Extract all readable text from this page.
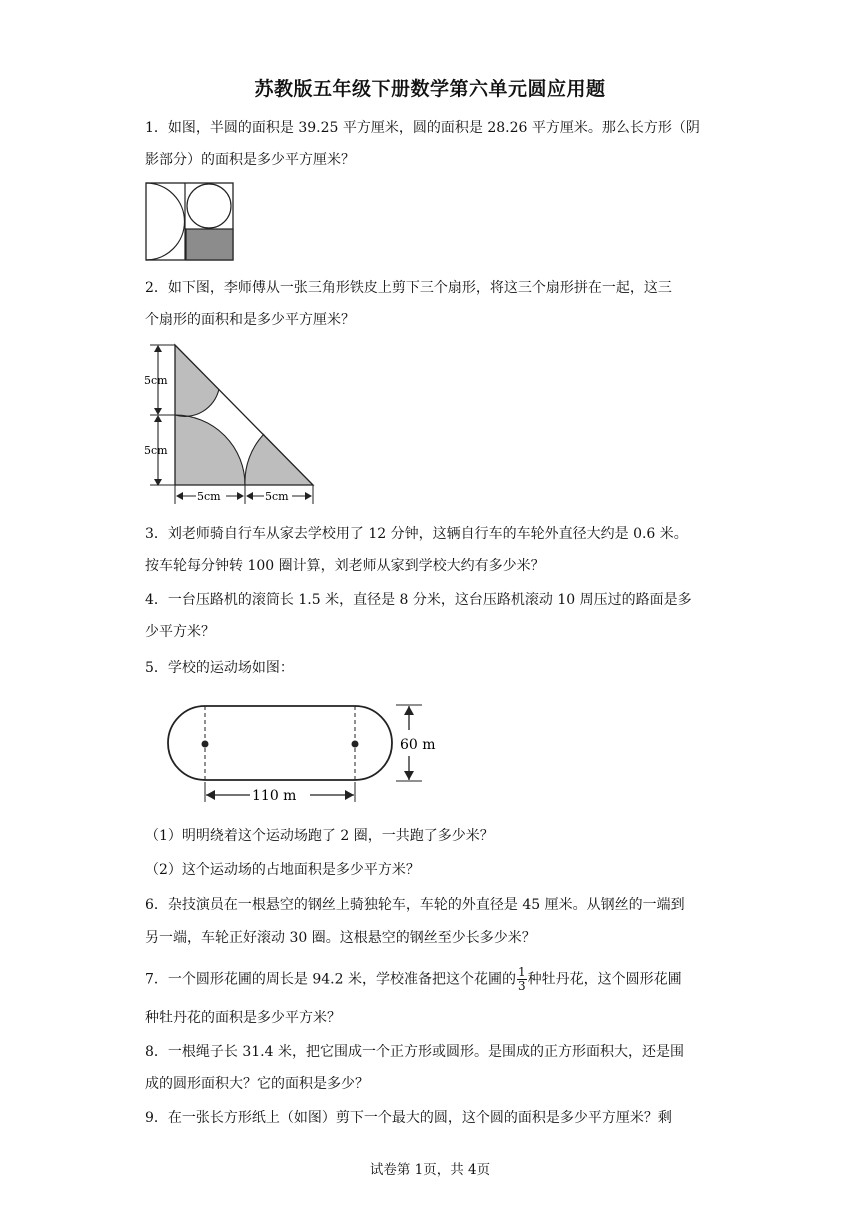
苏教版五年级下册数学第六单元圆应用题
1．如图，半圆的面积是 39.25 平方厘米，圆的面积是 28.26 平方厘米。那么长方形（阴
影部分）的面积是多少平方厘米？
2．如下图，李师傅从一张三角形铁皮上剪下三个扇形，将这三个扇形拼在一起，这三
个扇形的面积和是多少平方厘米？
5cm
5cm
5cm	5cm
3．刘老师骑自行车从家去学校用了 12 分钟，这辆自行车的车轮外直径大约是 0.6 米。
按车轮每分钟转 100 圈计算，刘老师从家到学校大约有多少米？
4．一台压路机的滚筒长 1.5 米，直径是 8 分米，这台压路机滚动 10 周压过的路面是多
少平方米？
5．学校的运动场如图：
60 m
110 m
（1）明明绕着这个运动场跑了 2 圈，一共跑了多少米？
（2）这个运动场的占地面积是多少平方米？
6．杂技演员在一根悬空的钢丝上骑独轮车，车轮的外直径是 45 厘米。从钢丝的一端到
另一端，车轮正好滚动 30 圈。这根悬空的钢丝至少长多少米？
7．一个圆形花圃的周长是 94.2 米，学校准备把这个花圃的 $\frac{1}{3}$ 种牡丹花，这个圆形花圃
种牡丹花的面积是多少平方米？
8．一根绳子长 31.4 米，把它围成一个正方形或圆形。是围成的正方形面积大，还是围
成的圆形面积大？它的面积是多少？
9．在一张长方形纸上（如图）剪下一个最大的圆，这个圆的面积是多少平方厘米？剩
试卷第 1页，共 4页
